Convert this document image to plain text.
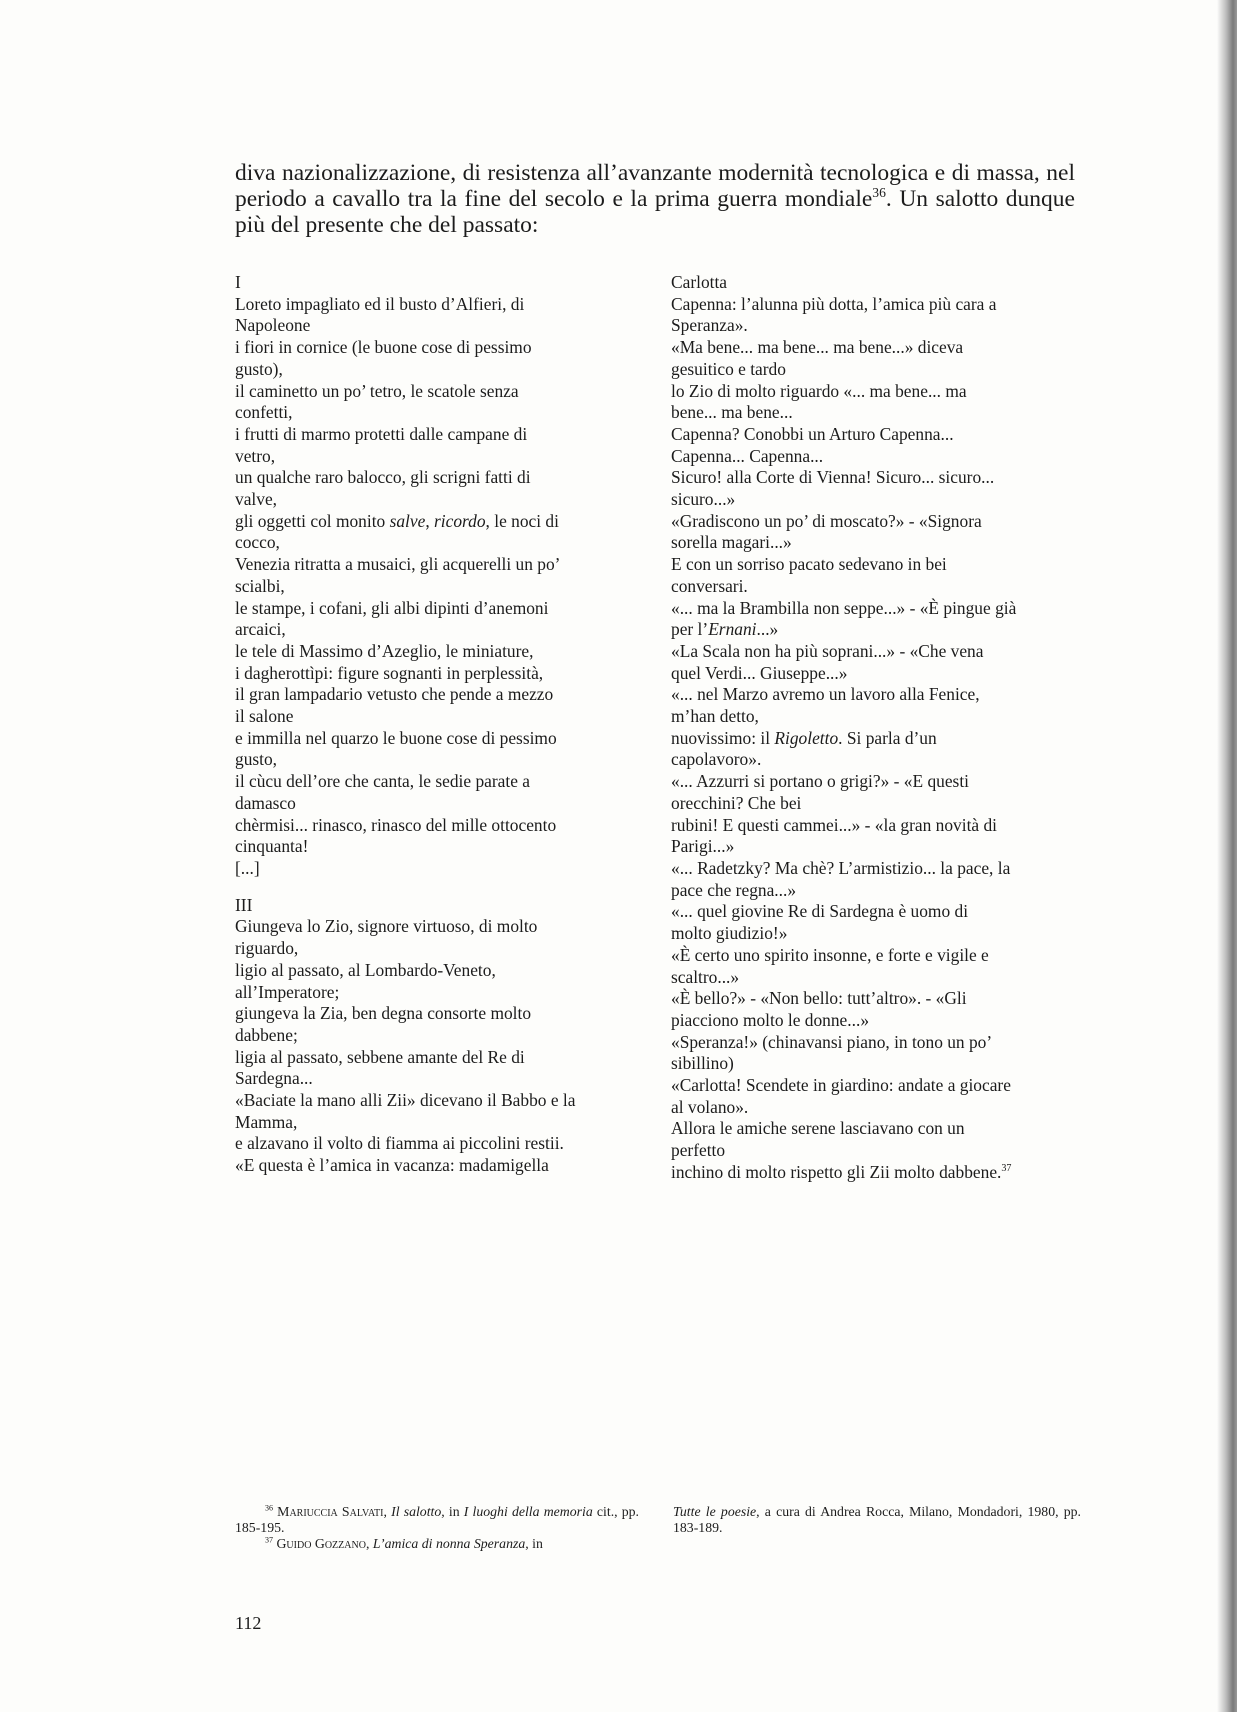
diva nazionalizzazione, di resistenza all’avanzante modernità tecnologica e di massa, nel periodo a cavallo tra la fine del secolo e la prima guerra mondiale$^{36}$. Un salotto dunque più del presente che del passato:

I
Loreto impagliato ed il busto d’Alfieri, di
Napoleone
i fiori in cornice (le buone cose di pessimo
gusto),
il caminetto un po’ tetro, le scatole senza
confetti,
i frutti di marmo protetti dalle campane di
vetro,
un qualche raro balocco, gli scrigni fatti di
valve,
gli oggetti col monito salve, ricordo, le noci di
cocco,
Venezia ritratta a musaici, gli acquerelli un po’
scialbi,
le stampe, i cofani, gli albi dipinti d’anemoni
arcaici,
le tele di Massimo d’Azeglio, le miniature,
i dagherottìpi: figure sognanti in perplessità,
il gran lampadario vetusto che pende a mezzo
il salone
e immilla nel quarzo le buone cose di pessimo
gusto,
il cùcu dell’ore che canta, le sedie parate a
damasco
chèrmisi... rinasco, rinasco del mille ottocento
cinquanta!
[...]
III
Giungeva lo Zio, signore virtuoso, di molto
riguardo,
ligio al passato, al Lombardo-Veneto,
all’Imperatore;
giungeva la Zia, ben degna consorte molto
dabbene;
ligia al passato, sebbene amante del Re di
Sardegna...
«Baciate la mano alli Zii» dicevano il Babbo e la
Mamma,
e alzavano il volto di fiamma ai piccolini restii.
«E questa è l’amica in vacanza: madamigella
Carlotta
Capenna: l’alunna più dotta, l’amica più cara a
Speranza».
«Ma bene... ma bene... ma bene...» diceva
gesuitico e tardo
lo Zio di molto riguardo «... ma bene... ma
bene... ma bene...
Capenna? Conobbi un Arturo Capenna...
Capenna... Capenna...
Sicuro! alla Corte di Vienna! Sicuro... sicuro...
sicuro...»
«Gradiscono un po’ di moscato?» - «Signora
sorella magari...»
E con un sorriso pacato sedevano in bei
conversari.
«... ma la Brambilla non seppe...» - «È pingue già
per l’Ernani...»
«La Scala non ha più soprani...» - «Che vena
quel Verdi... Giuseppe...»
«... nel Marzo avremo un lavoro alla Fenice,
m’han detto,
nuovissimo: il Rigoletto. Si parla d’un
capolavoro».
«... Azzurri si portano o grigi?» - «E questi
orecchini? Che bei
rubini! E questi cammei...» - «la gran novità di
Parigi...»
«... Radetzky? Ma chè? L’armistizio... la pace, la
pace che regna...»
«... quel giovine Re di Sardegna è uomo di
molto giudizio!»
«È certo uno spirito insonne, e forte e vigile e
scaltro...»
«È bello?» - «Non bello: tutt’altro». - «Gli
piacciono molto le donne...»
«Speranza!» (chinavansi piano, in tono un po’
sibillino)
«Carlotta! Scendete in giardino: andate a giocare
al volano».
Allora le amiche serene lasciavano con un
perfetto
inchino di molto rispetto gli Zii molto dabbene.$^{37}$

$^{36}$ Mariuccia Salvati, Il salotto, in I luoghi della memoria cit., pp. 185-195.

$^{37}$ Guido Gozzano, L’amica di nonna Speranza, in

Tutte le poesie, a cura di Andrea Rocca, Milano, Mondadori, 1980, pp. 183-189.

112
